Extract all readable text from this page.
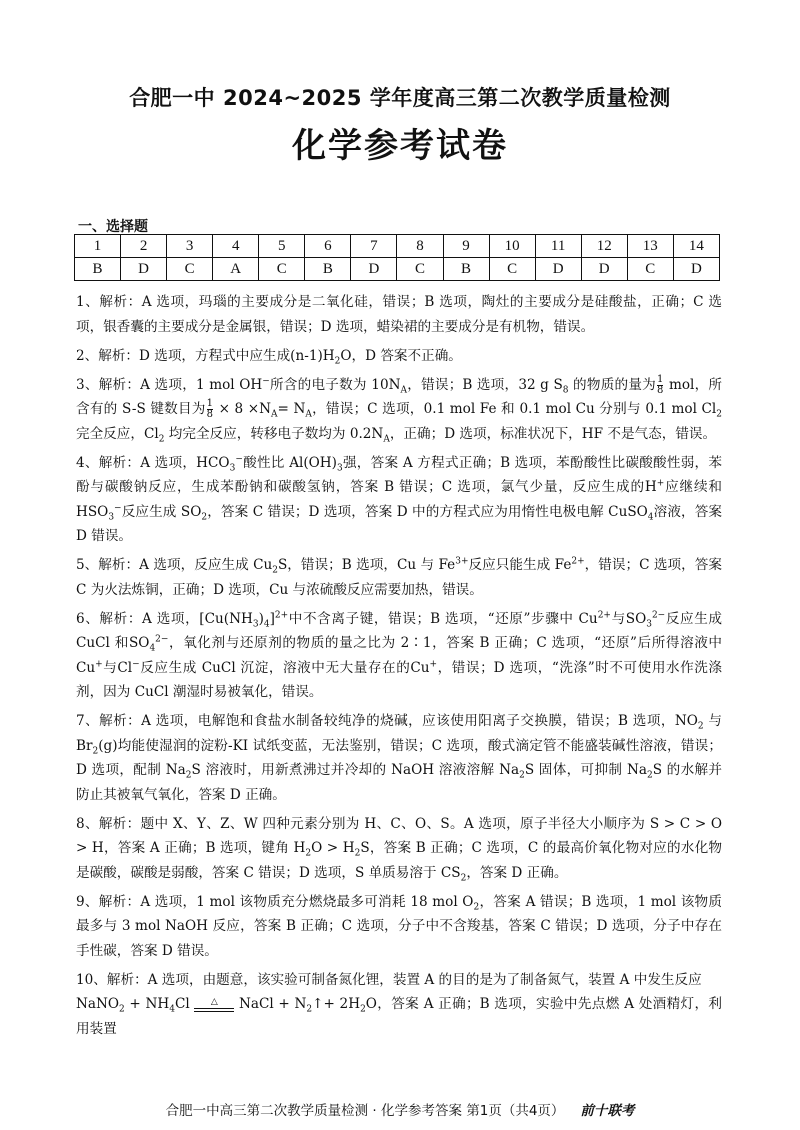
合肥一中 2024~2025 学年度高三第二次教学质量检测
化学参考试卷
一、选择题
1	2	3	4	5	6	7	8	9	10	11	12	13	14
B	D	C	A	C	B	D	C	B	C	D	D	C	D

1、解析：A 选项，玛瑙的主要成分是二氧化硅，错误；B 选项，陶灶的主要成分是硅酸盐，正确；C 选项，银香囊的主要成分是金属银，错误；D 选项，蜡染裙的主要成分是有机物，错误。

2、解析：D 选项，方程式中应生成$(n-1)H_2O$，D 答案不正确。

3、解析：A 选项，1 mol OH−所含的电子数为 $10N_A$，错误；B 选项，32 g $S_8$ 的物质的量为 $\frac{1}{8}$ mol，所含有的 S-S 键数目为 $\frac{1}{8} \times 8 \times N_A= N_A$，错误；C 选项，0.1 mol Fe 和 0.1 mol Cu 分别与 0.1 mol $Cl_2$ 完全反应，$Cl_2$ 均完全反应，转移电子数均为 $0.2N_A$，正确；D 选项，标准状况下，HF 不是气态，错误。

4、解析：A 选项，$HCO_3^-$酸性比 $Al(OH)_3$强，答案 A 方程式正确；B 选项，苯酚酸性比碳酸酸性弱，苯酚与碳酸钠反应，生成苯酚钠和碳酸氢钠，答案 B 错误；C 选项，氯气少量，反应生成的H+应继续和$HSO_3^-$反应生成 $SO_2$，答案 C 错误；D 选项，答案 D 中的方程式应为用惰性电极电解 CuSO$_4$溶液，答案 D 错误。

5、解析：A 选项，反应生成 $Cu_2S$，错误；B 选项，Cu 与 $Fe^{3+}$反应只能生成 $Fe^{2+}$，错误；C 选项，答案 C 为火法炼铜，正确；D 选项，Cu 与浓硫酸反应需要加热，错误。

6、解析：A 选项，$[Cu(NH_3)_4]^{2+}$中不含离子键，错误；B 选项，“还原”步骤中 $Cu^{2+}$与$SO_3^{2-}$反应生成 CuCl 和$SO_4^{2-}$，氧化剂与还原剂的物质的量之比为 2∶1，答案 B 正确；C 选项，“还原”后所得溶液中Cu+与Cl−反应生成 CuCl 沉淀，溶液中无大量存在的Cu+，错误；D 选项，“洗涤”时不可使用水作洗涤剂，因为 CuCl 潮湿时易被氧化，错误。

7、解析：A 选项，电解饱和食盐水制备较纯净的烧碱，应该使用阳离子交换膜，错误；B 选项，$NO_2$ 与$Br_2(g)$均能使湿润的淀粉-KI 试纸变蓝，无法鉴别，错误；C 选项，酸式滴定管不能盛装碱性溶液，错误；D 选项，配制 $Na_2S$ 溶液时，用新煮沸过并冷却的 NaOH 溶液溶解 $Na_2S$ 固体，可抑制 $Na_2S$ 的水解并防止其被氧气氧化，答案 D 正确。

8、解析：题中 X、Y、Z、W 四种元素分别为 H、C、O、S。A 选项，原子半径大小顺序为 S > C > O > H，答案 A 正确；B 选项，键角 $H_2O > H_2S$，答案 B 正确；C 选项，C 的最高价氧化物对应的水化物是碳酸，碳酸是弱酸，答案 C 错误；D 选项，S 单质易溶于 $CS_2$，答案 D 正确。

9、解析：A 选项，1 mol 该物质充分燃烧最多可消耗 18 mol $O_2$，答案 A 错误；B 选项，1 mol 该物质最多与 3 mol NaOH 反应，答案 B 正确；C 选项，分子中不含羧基，答案 C 错误；D 选项，分子中存在手性碳，答案 D 错误。

10、解析：A 选项，由题意，该实验可制备氮化锂，装置 A 的目的是为了制备氮气，装置 A 中发生反应
NaNO$_2$ + $NH_4Cl$	△	NaCl + $N_2↑+ 2H_2O$，答案 A 正确；B 选项，实验中先点燃 A 处酒精灯，利用装置

合肥一中高三第二次教学质量检测 · 化学参考答案 第1页（共4页） 前十联考
